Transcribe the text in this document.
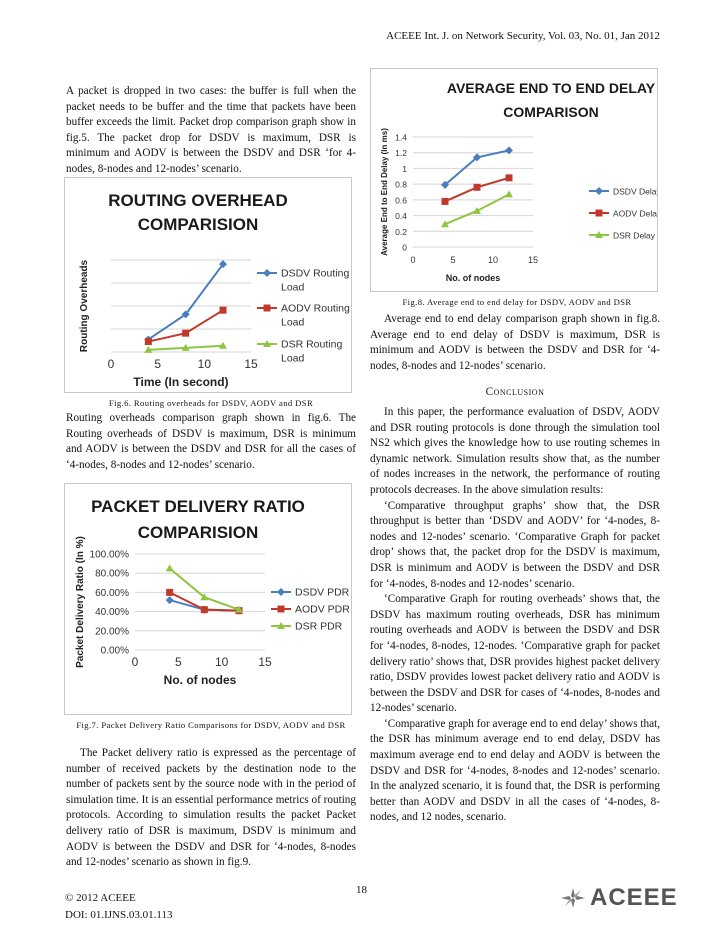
ACEEE Int. J. on Network Security, Vol. 03, No. 01, Jan 2012

A packet is dropped in two cases: the buffer is full when the packet needs to be buffer and the time that packets have been buffer exceeds the limit. Packet drop comparison graph show in fig.5. The packet drop for DSDV is maximum, DSR is minimum and AODV is between the DSDV and DSR ‘for 4-nodes, 8-nodes and 12-nodes’ scenario.

ROUTING OVERHEAD
COMPARISION
0	5	10	15
Time (In second)
Routing Overheads	DSDV Routing Load
AODV Routing Load
DSR Routing Load
Fig.6. Routing overheads for DSDV, AODV and DSR

Routing overheads comparison graph shown in fig.6. The Routing overheads of DSDV is maximum, DSR is minimum and AODV is between the DSDV and DSR for all the cases of ‘4-nodes, 8-nodes and 12-nodes’ scenario.

PACKET DELIVERY RATIO
COMPARISION
0.00%
20.00%
40.00%
60.00%
80.00%
100.00%
0	5	10 15
No. of nodes
Packet Delivery Ratio (In %)	DSDV PDR
AODV PDR
DSR PDR
Fig.7. Packet Delivery Ratio Comparisons for DSDV, AODV and DSR

The Packet delivery ratio is expressed as the percentage of number of received packets by the destination node to the number of packets sent by the source node with in the period of simulation time. It is an essential performance metrics of routing protocols. According to simulation results the packet Packet delivery ratio of DSR is maximum, DSDV is minimum and AODV is between the DSDV and DSR for ‘4-nodes, 8-nodes and 12-nodes’ scenario as shown in fig.9.

AVERAGE END TO END DELAY
COMPARISON
0
0.2
0.4
0.6
0.8
1
1.2
1.4
0	5	10	15
No. of nodes
Average End to End Delay (In ms)	DSDV Delay
AODV Delay
DSR Delay
Fig.8. Average end to end delay for DSDV, AODV and DSR

Average end to end delay comparison graph shown in fig.8. Average end to end delay of DSDV is maximum, DSR is minimum and AODV is between the DSDV and DSR for ‘4-nodes, 8-nodes and 12-nodes’ scenario.

Conclusion

In this paper, the performance evaluation of DSDV, AODV and DSR routing protocols is done through the simulation tool NS2 which gives the knowledge how to use routing schemes in dynamic network. Simulation results show that, as the number of nodes increases in the network, the performance of routing protocols decreases. In the above simulation results:

‘Comparative throughput graphs’ show that, the DSR throughput is better than ‘DSDV and AODV’ for ‘4-nodes, 8-nodes and 12-nodes’ scenario. ‘Comparative Graph for packet drop’ shows that, the packet drop for the DSDV is maximum, DSR is minimum and AODV is between the DSDV and DSR for ‘4-nodes, 8-nodes and 12-nodes’ scenario.

‘Comparative Graph for routing overheads’ shows that, the DSDV has maximum routing overheads, DSR has minimum routing overheads and AODV is between the DSDV and DSR for ‘4-nodes, 8-nodes, 12-nodes. ‘Comparative graph for packet delivery ratio’ shows that, DSR provides highest packet delivery ratio, DSDV provides lowest packet delivery ratio and AODV is between the DSDV and DSR for cases of ‘4-nodes, 8-nodes and 12-nodes’ scenario.

‘Comparative graph for average end to end delay’ shows that, the DSR has minimum average end to end delay, DSDV has maximum average end to end delay and AODV is between the DSDV and DSR for ‘4-nodes, 8-nodes and 12-nodes’ scenario. In the analyzed scenario, it is found that, the DSR is performing better than AODV and DSDV in all the cases of ‘4-nodes, 8-nodes, and 12 nodes, scenario.

© 2012 ACEEE
DOI: 01.IJNS.03.01.113
18	ACEEE
